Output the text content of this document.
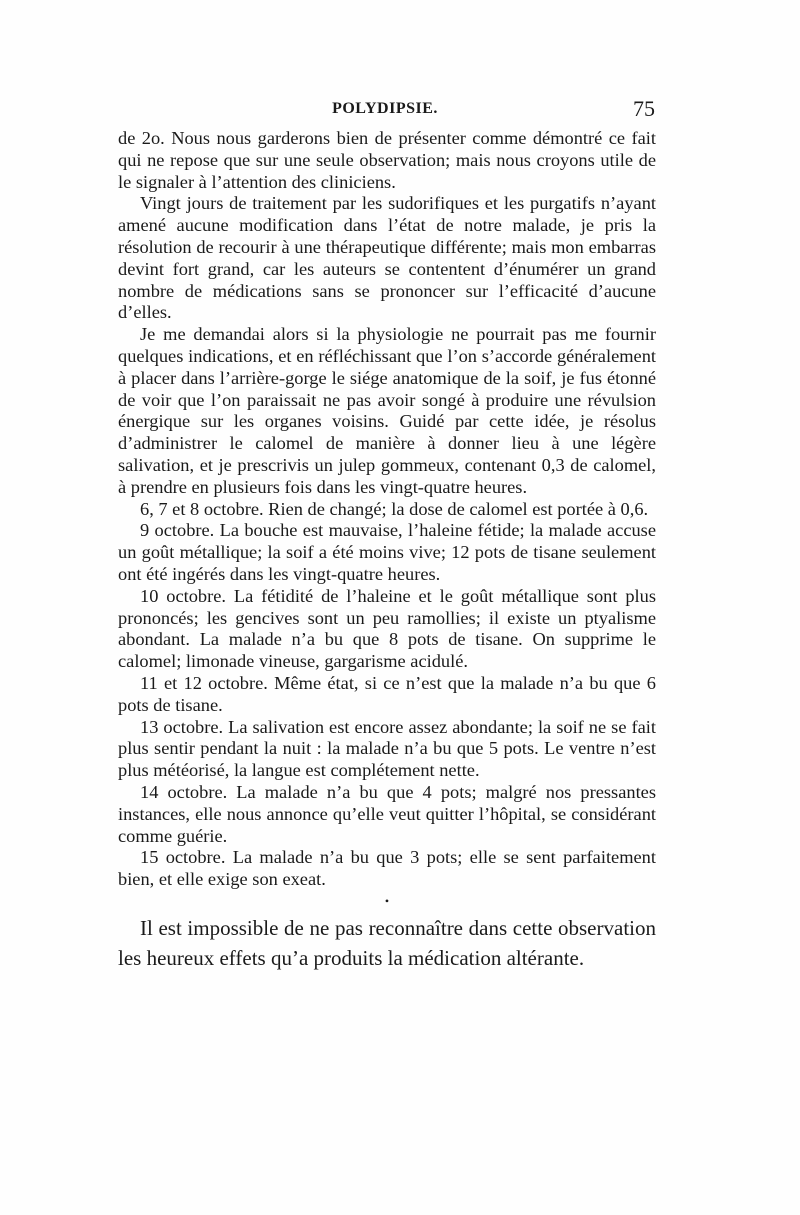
POLYDIPSIE.	75

de 2o. Nous nous garderons bien de présenter comme démontré ce fait qui ne repose que sur une seule observation; mais nous croyons utile de le signaler à l’attention des cliniciens.

Vingt jours de traitement par les sudorifiques et les purgatifs n’ayant amené aucune modification dans l’état de notre malade, je pris la résolution de recourir à une thérapeutique différente; mais mon embarras devint fort grand, car les auteurs se contentent d’énumérer un grand nombre de médications sans se prononcer sur l’efficacité d’aucune d’elles.

Je me demandai alors si la physiologie ne pourrait pas me fournir quelques indications, et en réfléchissant que l’on s’accorde généralement à placer dans l’arrière-gorge le siége anatomique de la soif, je fus étonné de voir que l’on paraissait ne pas avoir songé à produire une révulsion énergique sur les organes voisins. Guidé par cette idée, je résolus d’administrer le calomel de manière à donner lieu à une légère salivation, et je prescrivis un julep gommeux, contenant 0,3 de calomel, à prendre en plusieurs fois dans les vingt-quatre heures.

6, 7 et 8 octobre. Rien de changé; la dose de calomel est portée à 0,6.

9 octobre. La bouche est mauvaise, l’haleine fétide; la malade accuse un goût métallique; la soif a été moins vive; 12 pots de tisane seulement ont été ingérés dans les vingt-quatre heures.

10 octobre. La fétidité de l’haleine et le goût métallique sont plus prononcés; les gencives sont un peu ramollies; il existe un ptyalisme abondant. La malade n’a bu que 8 pots de tisane. On supprime le calomel; limonade vineuse, gargarisme acidulé.

11 et 12 octobre. Même état, si ce n’est que la malade n’a bu que 6 pots de tisane.

13 octobre. La salivation est encore assez abondante; la soif ne se fait plus sentir pendant la nuit : la malade n’a bu que 5 pots. Le ventre n’est plus météorisé, la langue est complétement nette.

14 octobre. La malade n’a bu que 4 pots; malgré nos pressantes instances, elle nous annonce qu’elle veut quitter l’hôpital, se considérant comme guérie.

15 octobre. La malade n’a bu que 3 pots; elle se sent parfaitement bien, et elle exige son exeat.

•

Il est impossible de ne pas reconnaître dans cette observation les heureux effets qu’a produits la médication altérante.
